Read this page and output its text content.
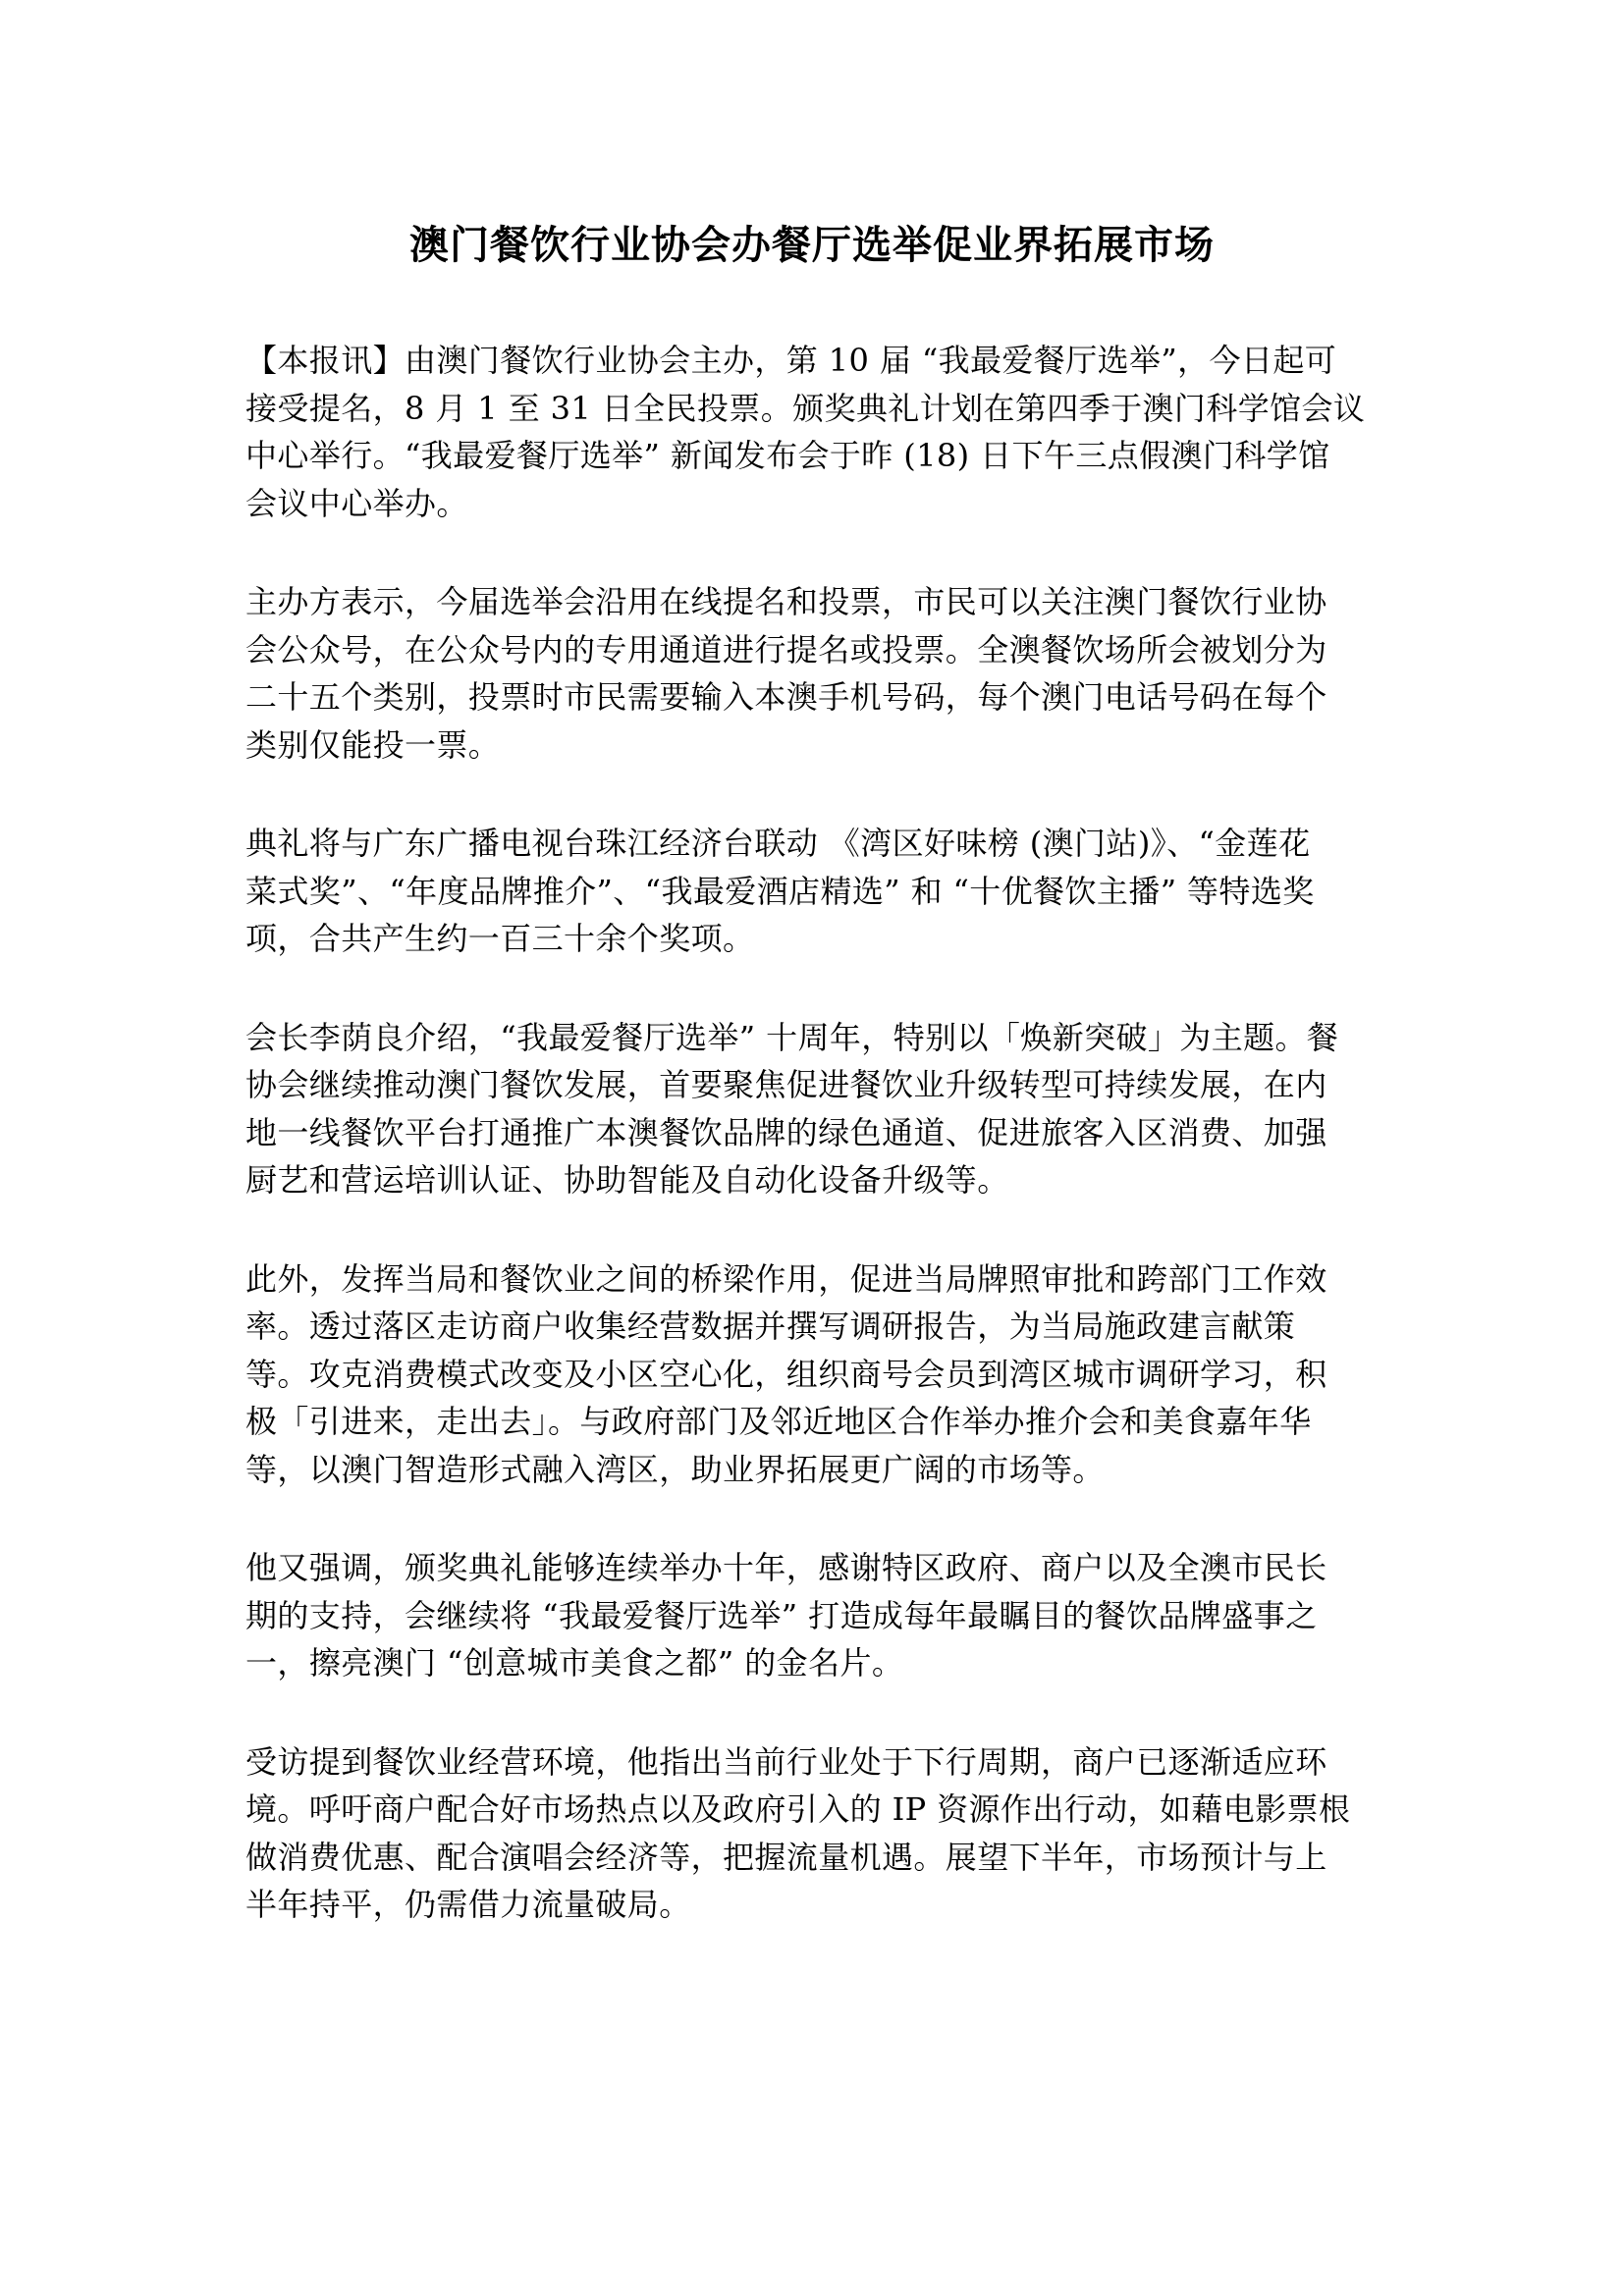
澳门餐饮行业协会办餐厅选举促业界拓展市场
【本报讯】由澳门餐饮行业协会主办，第 10 届 “我最爱餐厅选举”，今日起可
接受提名，8 月 1 至 31 日全民投票。颁奖典礼计划在第四季于澳门科学馆会议
中心举行。“我最爱餐厅选举” 新闻发布会于昨 (18) 日下午三点假澳门科学馆
会议中心举办。
主办方表示，今届选举会沿用在线提名和投票，市民可以关注澳门餐饮行业协
会公众号，在公众号内的专用通道进行提名或投票。全澳餐饮场所会被划分为
二十五个类别，投票时市民需要输入本澳手机号码，每个澳门电话号码在每个
类别仅能投一票。
典礼将与广东广播电视台珠江经济台联动 《湾区好味榜 (澳门站)》、“金莲花
菜式奖”、“年度品牌推介”、“我最爱酒店精选” 和 “十优餐饮主播” 等特选奖
项，合共产生约一百三十余个奖项。
会长李荫良介绍，“我最爱餐厅选举” 十周年，特别以「焕新突破」为主题。餐
协会继续推动澳门餐饮发展，首要聚焦促进餐饮业升级转型可持续发展，在内
地一线餐饮平台打通推广本澳餐饮品牌的绿色通道、促进旅客入区消费、加强
厨艺和营运培训认证、协助智能及自动化设备升级等。
此外，发挥当局和餐饮业之间的桥梁作用，促进当局牌照审批和跨部门工作效
率。透过落区走访商户收集经营数据并撰写调研报告，为当局施政建言献策
等。攻克消费模式改变及小区空心化，组织商号会员到湾区城市调研学习，积
极「引进来，走出去」。与政府部门及邻近地区合作举办推介会和美食嘉年华
等，以澳门智造形式融入湾区，助业界拓展更广阔的市场等。
他又强调，颁奖典礼能够连续举办十年，感谢特区政府、商户以及全澳市民长
期的支持，会继续将 “我最爱餐厅选举” 打造成每年最瞩目的餐饮品牌盛事之
一，擦亮澳门 “创意城市美食之都” 的金名片。
受访提到餐饮业经营环境，他指出当前行业处于下行周期，商户已逐渐适应环
境。呼吁商户配合好市场热点以及政府引入的 IP 资源作出行动，如藉电影票根
做消费优惠、配合演唱会经济等，把握流量机遇。展望下半年，市场预计与上
半年持平，仍需借力流量破局。
